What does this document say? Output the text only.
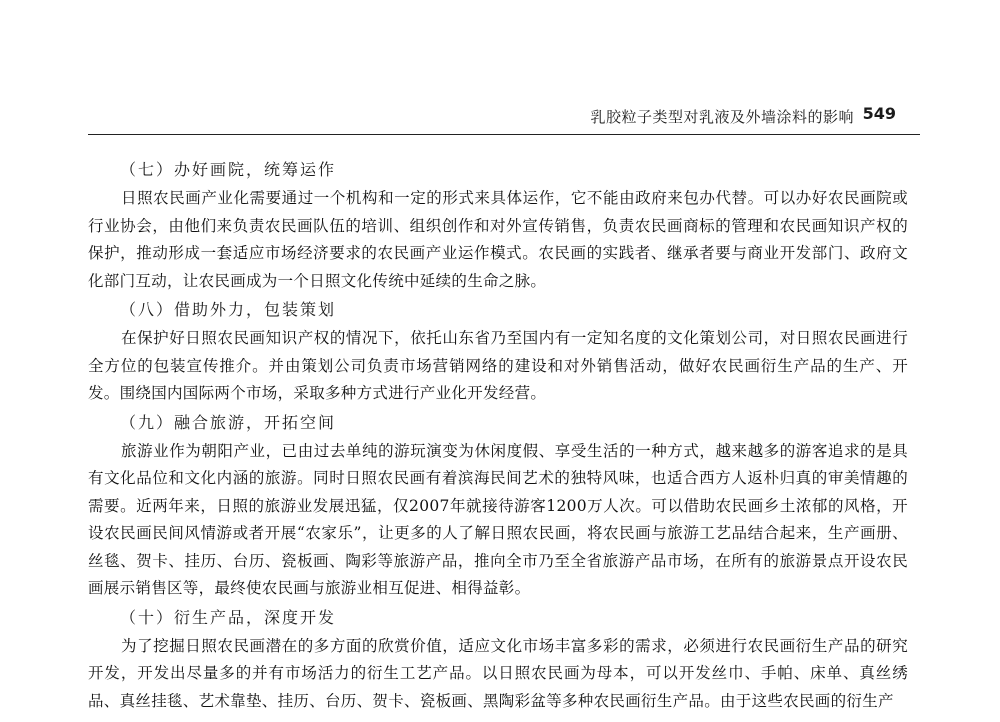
乳胶粒子类型对乳液及外墙涂料的影响 549
（七）办好画院，统筹运作

日照农民画产业化需要通过一个机构和一定的形式来具体运作，它不能由政府来包办代替。可以办好农民画院或行业协会，由他们来负责农民画队伍的培训、组织创作和对外宣传销售，负责农民画商标的管理和农民画知识产权的保护，推动形成一套适应市场经济要求的农民画产业运作模式。农民画的实践者、继承者要与商业开发部门、政府文化部门互动，让农民画成为一个日照文化传统中延续的生命之脉。

（八）借助外力，包装策划

在保护好日照农民画知识产权的情况下，依托山东省乃至国内有一定知名度的文化策划公司，对日照农民画进行全方位的包装宣传推介。并由策划公司负责市场营销网络的建设和对外销售活动，做好农民画衍生产品的生产、开发。围绕国内国际两个市场，采取多种方式进行产业化开发经营。

（九）融合旅游，开拓空间

旅游业作为朝阳产业，已由过去单纯的游玩演变为休闲度假、享受生活的一种方式，越来越多的游客追求的是具有文化品位和文化内涵的旅游。同时日照农民画有着滨海民间艺术的独特风味，也适合西方人返朴归真的审美情趣的需要。近两年来，日照的旅游业发展迅猛，仅2007年就接待游客1200万人次。可以借助农民画乡土浓郁的风格，开设农民画民间风情游或者开展“农家乐”，让更多的人了解日照农民画，将农民画与旅游工艺品结合起来，生产画册、丝毯、贺卡、挂历、台历、瓷板画、陶彩等旅游产品，推向全市乃至全省旅游产品市场，在所有的旅游景点开设农民画展示销售区等，最终使农民画与旅游业相互促进、相得益彰。

（十）衍生产品，深度开发

为了挖掘日照农民画潜在的多方面的欣赏价值，适应文化市场丰富多彩的需求，必须进行农民画衍生产品的研究开发，开发出尽量多的并有市场活力的衍生工艺产品。以日照农民画为母本，可以开发丝巾、手帕、床单、真丝绣品、真丝挂毯、艺术靠垫、挂历、台历、贺卡、瓷板画、黑陶彩盆等多种农民画衍生产品。由于这些农民画的衍生产
